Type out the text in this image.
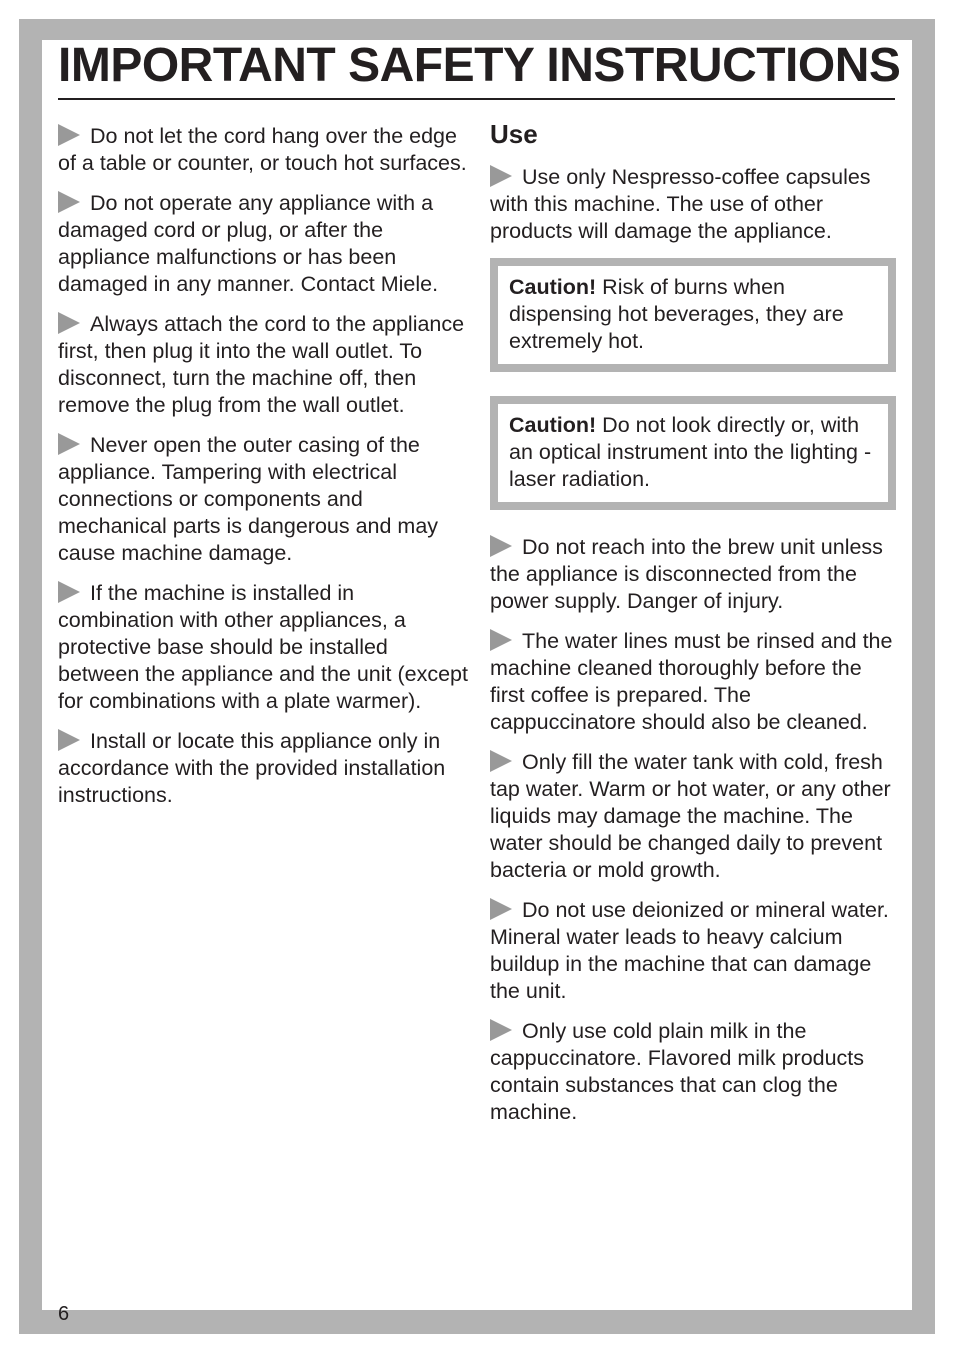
IMPORTANT SAFETY INSTRUCTIONS

Do not let the cord hang over the edge of a table or counter, or touch hot surfaces.

Do not operate any appliance with a damaged cord or plug, or after the appliance malfunctions or has been damaged in any manner. Contact Miele.

Always attach the cord to the appliance first, then plug it into the wall outlet. To disconnect, turn the machine off, then remove the plug from the wall outlet.

Never open the outer casing of the appliance. Tampering with electrical connections or components and mechanical parts is dangerous and may cause machine damage.

If the machine is installed in combination with other appliances, a protective base should be installed between the appliance and the unit (except for combinations with a plate warmer).

Install or locate this appliance only in accordance with the provided installation instructions.

Use

Use only Nespresso-coffee capsules with this machine. The use of other products will damage the appliance.

Caution! Risk of burns when dispensing hot beverages, they are extremely hot.
Caution! Do not look directly or, with an optical instrument into the lighting - laser radiation.

Do not reach into the brew unit unless the appliance is disconnected from the power supply. Danger of injury.

The water lines must be rinsed and the machine cleaned thoroughly before the first coffee is prepared. The cappuccinatore should also be cleaned.

Only fill the water tank with cold, fresh tap water. Warm or hot water, or any other liquids may damage the machine. The water should be changed daily to prevent bacteria or mold growth.

Do not use deionized or mineral water. Mineral water leads to heavy calcium buildup in the machine that can damage the unit.

Only use cold plain milk in the cappuccinatore. Flavored milk products contain substances that can clog the machine.

6
